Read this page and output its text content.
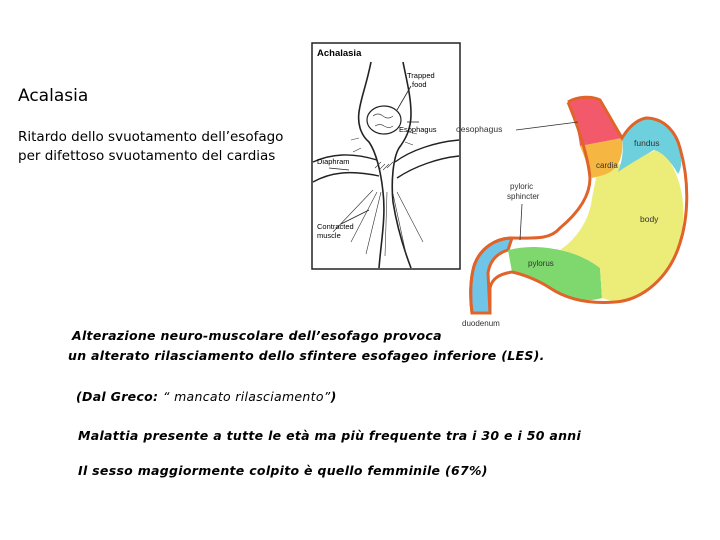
Acalasia
Ritardo dello svuotamento dell’esofago
per difettoso svuotamento del cardias
Achalasia
Trapped
food
Esophagus
Diaphram
Contracted
muscle
oesophagus
fundus
cardia
pyloric
sphincter
body
pylorus
duodenum
Alterazione neuro-muscolare dell’esofago provoca
un alterato rilasciamento dello sfintere esofageo inferiore (LES).
(Dal Greco: “ mancato rilasciamento”)
Malattia presente a tutte le età ma più frequente tra i 30 e i 50 anni
Il sesso maggiormente colpito è quello femminile (67%)
